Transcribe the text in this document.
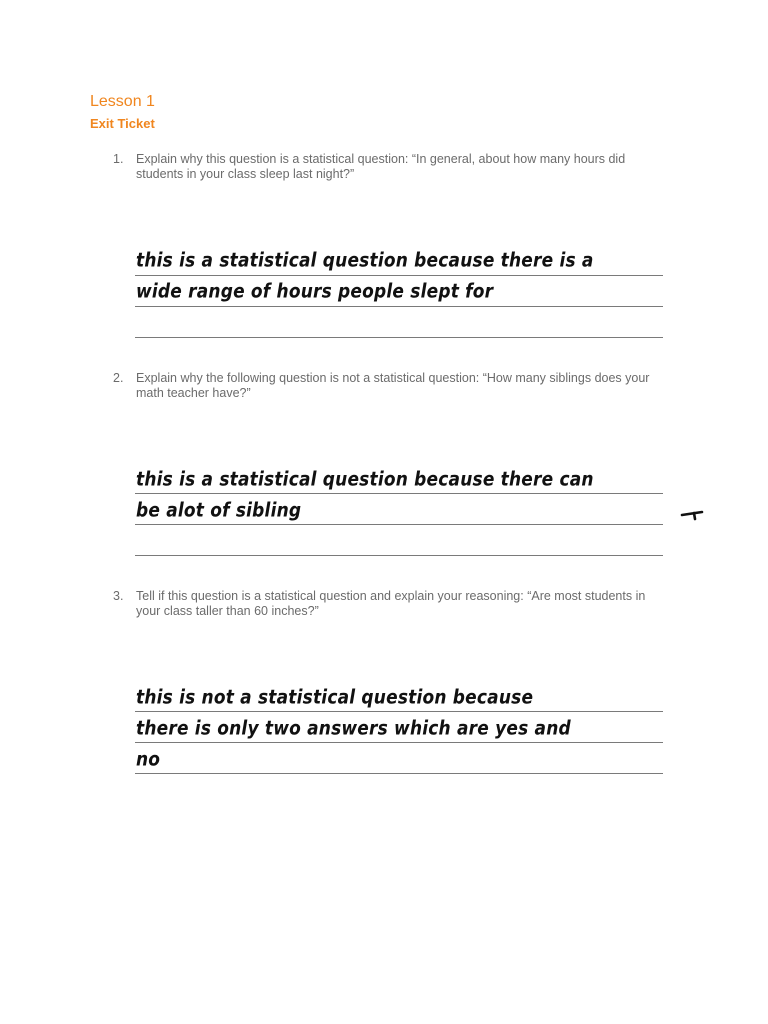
Lesson 1
Exit Ticket
1. Explain why this question is a statistical question: “In general, about how many hours did students in your class sleep last night?”
this is a statistical question because there is a
wide range of hours people slept for
2. Explain why the following question is not a statistical question: “How many siblings does your math teacher have?”
this is a statistical question because there can
be alot of sibling
3. Tell if this question is a statistical question and explain your reasoning: “Are most students in your class taller than 60 inches?”
this is not a statistical question because
there is only two answers which are yes and
no
